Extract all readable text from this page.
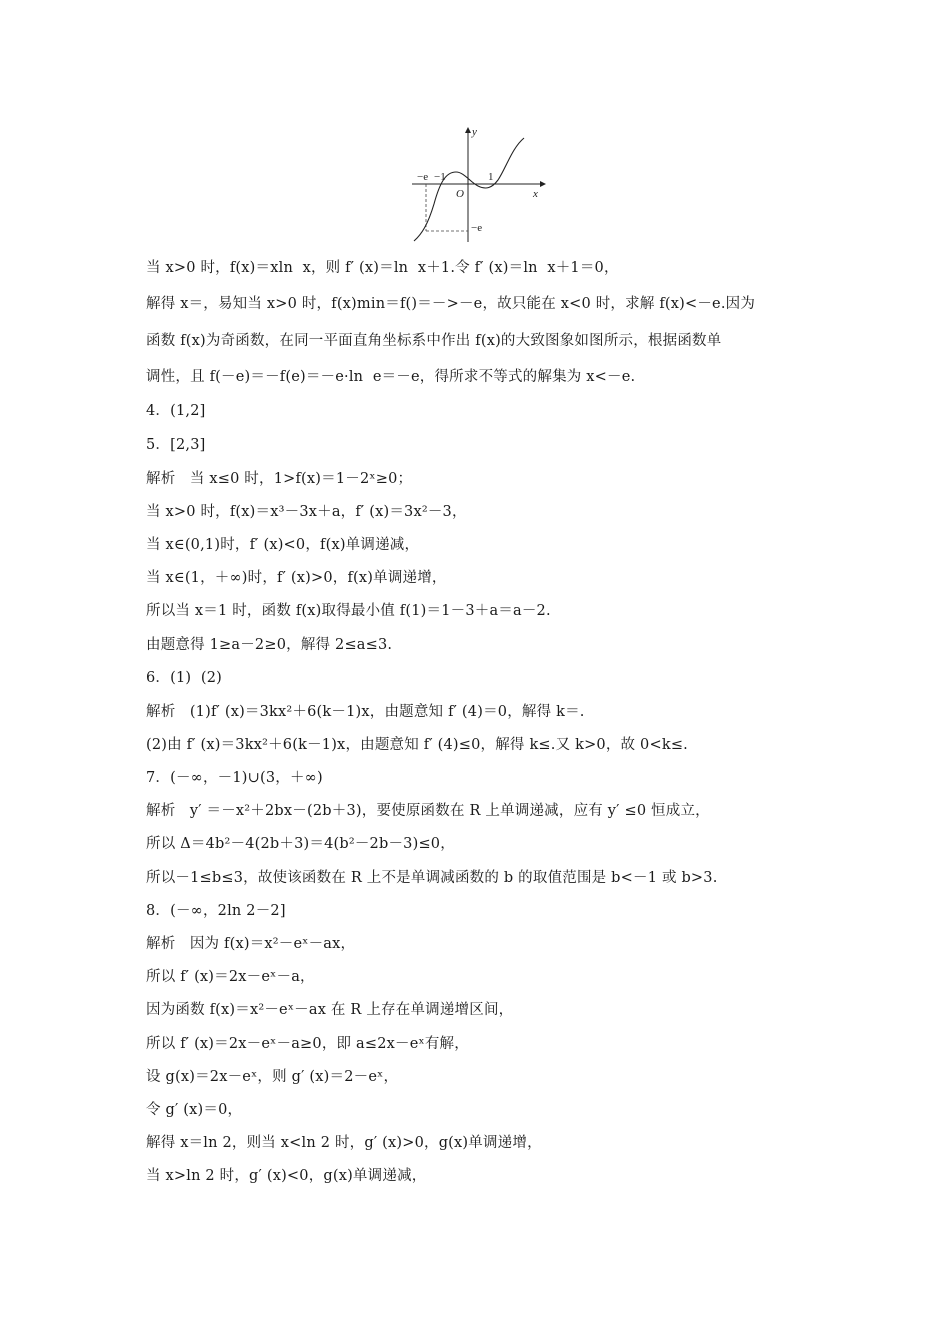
y
x
O
−e −1	1
−e
当 x>0 时，f(x)＝xln  x，则 f′ (x)＝ln  x＋1.令 f′ (x)＝ln  x＋1＝0，
解得 x＝，易知当 x>0 时，f(x)min＝f()＝－>－e，故只能在 x<0 时，求解 f(x)<－e.因为
函数 f(x)为奇函数，在同一平面直角坐标系中作出 f(x)的大致图象如图所示，根据函数单
调性，且 f(－e)＝－f(e)＝－e·ln  e＝－e，得所求不等式的解集为 x<－e.
4．(1,2]
5．[2,3]
解析   当 x≤0 时，1>f(x)＝1－2ˣ≥0；
当 x>0 时，f(x)＝x³－3x＋a，f′ (x)＝3x²－3，
当 x∈(0,1)时，f′ (x)<0，f(x)单调递减，
当 x∈(1，＋∞)时，f′ (x)>0，f(x)单调递增，
所以当 x＝1 时，函数 f(x)取得最小值 f(1)＝1－3＋a＝a－2.
由题意得 1≥a－2≥0，解得 2≤a≤3.
6．(1)  (2)
解析   (1)f′ (x)＝3kx²＋6(k－1)x，由题意知 f′ (4)＝0，解得 k＝.
(2)由 f′ (x)＝3kx²＋6(k－1)x，由题意知 f′ (4)≤0，解得 k≤.又 k>0，故 0<k≤.
7．(－∞，－1)∪(3，＋∞)
解析   y′ ＝－x²＋2bx－(2b＋3)，要使原函数在 R 上单调递减，应有 y′ ≤0 恒成立，
所以 Δ＝4b²－4(2b＋3)＝4(b²－2b－3)≤0，
所以－1≤b≤3，故使该函数在 R 上不是单调减函数的 b 的取值范围是 b<－1 或 b>3.
8．(－∞，2ln 2－2]
解析   因为 f(x)＝x²－eˣ－ax，
所以 f′ (x)＝2x－eˣ－a，
因为函数 f(x)＝x²－eˣ－ax 在 R 上存在单调递增区间，
所以 f′ (x)＝2x－eˣ－a≥0，即 a≤2x－eˣ有解，
设 g(x)＝2x－eˣ，则 g′ (x)＝2－eˣ，
令 g′ (x)＝0，
解得 x＝ln 2，则当 x<ln 2 时，g′ (x)>0，g(x)单调递增，
当 x>ln 2 时，g′ (x)<0，g(x)单调递减，
